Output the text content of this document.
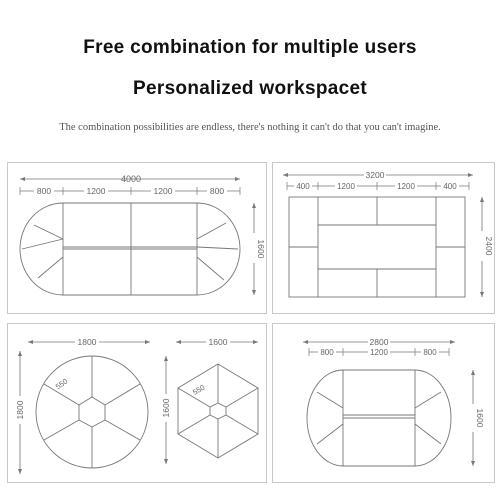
Free combination for multiple users
Personalized workspacet
The combination possibilities are endless, there's nothing it can't do that you can't imagine.
4000
800	1200	1200	800
1600
3200
400	1200	1200	400
2400
1800
1800
550
1600
1600
550
2800
800	1200	800
1600
